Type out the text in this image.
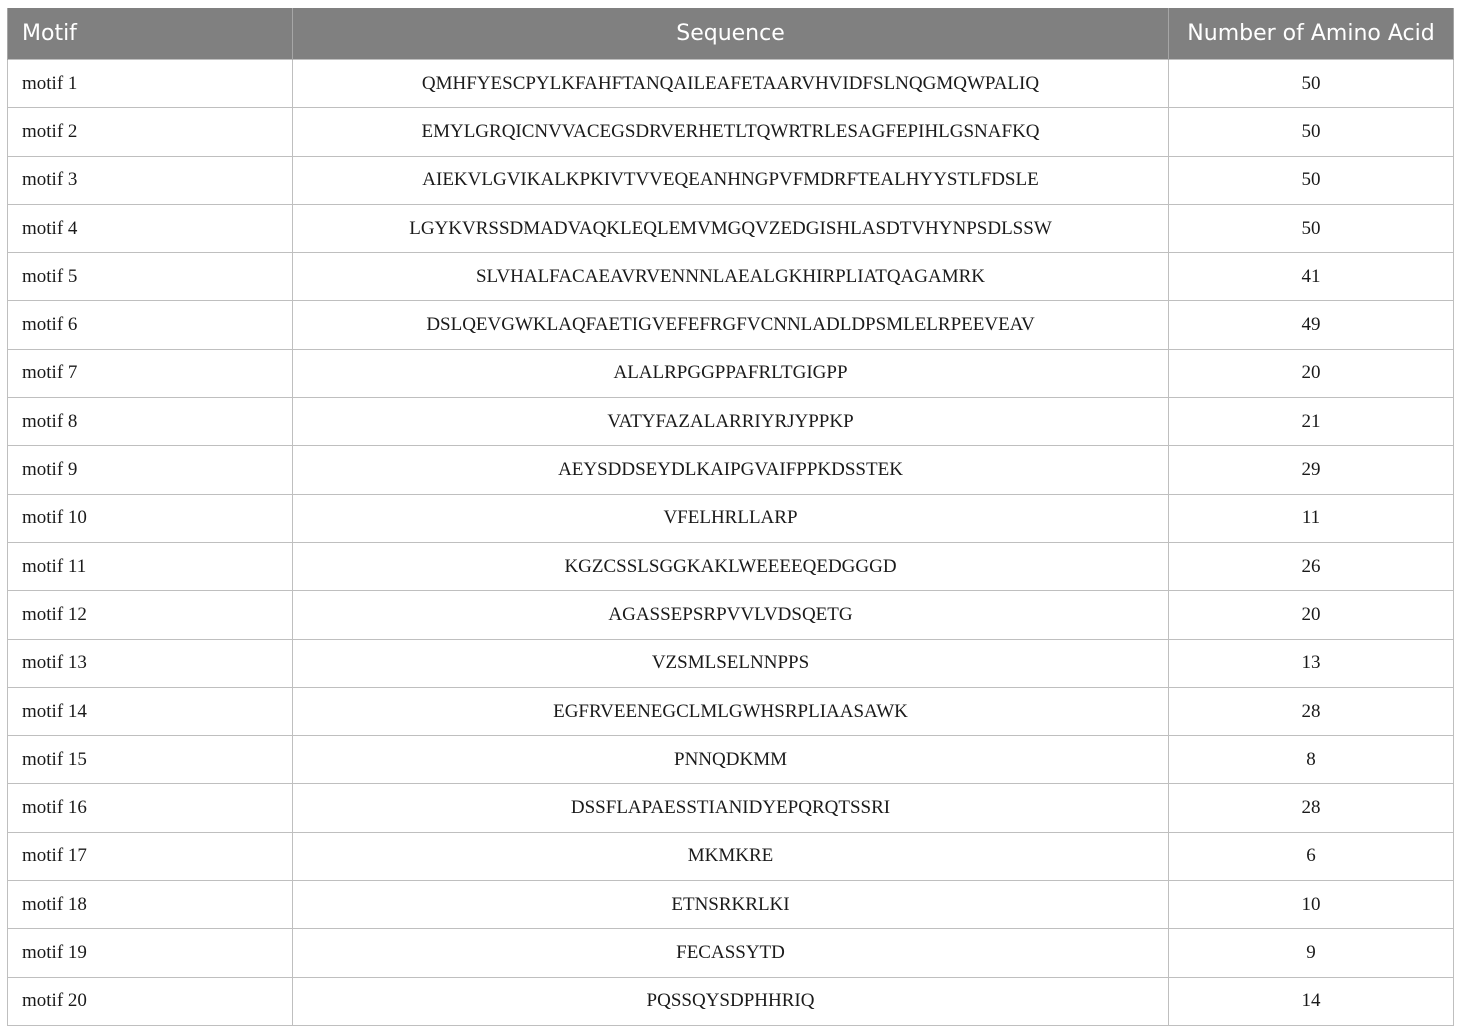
Motif	Sequence	Number of Amino Acid
motif 1	QMHFYESCPYLKFAHFTANQAILEAFETAARVHVIDFSLNQGMQWPALIQ	50
motif 2	EMYLGRQICNVVACEGSDRVERHETLTQWRTRLESAGFEPIHLGSNAFKQ	50
motif 3	AIEKVLGVIKALKPKIVTVVEQEANHNGPVFMDRFTEALHYYSTLFDSLE	50
motif 4	LGYKVRSSDMADVAQKLEQLEMVMGQVZEDGISHLASDTVHYNPSDLSSW	50
motif 5	SLVHALFACAEAVRVENNNLAEALGKHIRPLIATQAGAMRK	41
motif 6	DSLQEVGWKLAQFAETIGVEFEFRGFVCNNLADLDPSMLELRPEEVEAV	49
motif 7	ALALRPGGPPAFRLTGIGPP	20
motif 8	VATYFAZALARRIYRJYPPKP	21
motif 9	AEYSDDSEYDLKAIPGVAIFPPKDSSTEK	29
motif 10	VFELHRLLARP	11
motif 11	KGZCSSLSGGKAKLWEEEEQEDGGGD	26
motif 12	AGASSEPSRPVVLVDSQETG	20
motif 13	VZSMLSELNNPPS	13
motif 14	EGFRVEENEGCLMLGWHSRPLIAASAWK	28
motif 15	PNNQDKMM	8
motif 16	DSSFLAPAESSTIANIDYEPQRQTSSRI	28
motif 17	MKMKRE	6
motif 18	ETNSRKRLKI	10
motif 19	FECASSYTD	9
motif 20	PQSSQYSDPHHRIQ	14
